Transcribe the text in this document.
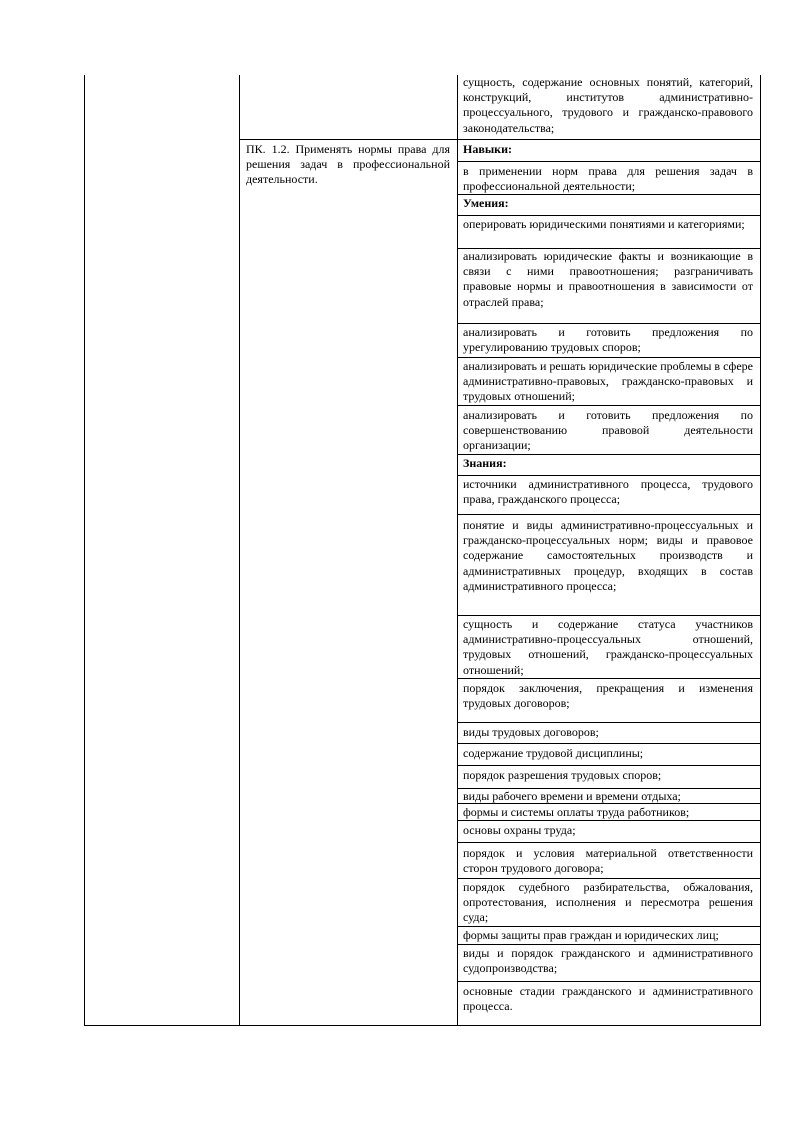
ПК. 1.2. Применять нормы права для решения задач в профессиональной деятельности.

сущность, содержание основных понятий, категорий, конструкций, институтов административно-процессуального, трудового и гражданско-правового законодательства;

Навыки:

в применении норм права для решения задач в профессиональной деятельности;

Умения:

оперировать юридическими понятиями и категориями;

анализировать юридические факты и возникающие в связи с ними правоотношения; разграничивать правовые нормы и правоотношения в зависимости от отраслей права;

анализировать и готовить предложения по урегулированию трудовых споров;

анализировать и решать юридические проблемы в сфере административно-правовых, гражданско-правовых и трудовых отношений;

анализировать и готовить предложения по совершенствованию правовой деятельности организации;

Знания:

источники административного процесса, трудового права, гражданского процесса;

понятие и виды административно-процессуальных и гражданско-процессуальных норм; виды и правовое содержание самостоятельных производств и административных процедур, входящих в состав административного процесса;

сущность и содержание статуса участников административно-процессуальных отношений, трудовых отношений, гражданско-процессуальных отношений;

порядок заключения, прекращения и изменения трудовых договоров;

виды трудовых договоров;

содержание трудовой дисциплины;

порядок разрешения трудовых споров;

виды рабочего времени и времени отдыха;

формы и системы оплаты труда работников;

основы охраны труда;

порядок и условия материальной ответственности сторон трудового договора;

порядок судебного разбирательства, обжалования, опротестования, исполнения и пересмотра решения суда;

формы защиты прав граждан и юридических лиц;

виды и порядок гражданского и административного судопроизводства;

основные стадии гражданского и административного процесса.
